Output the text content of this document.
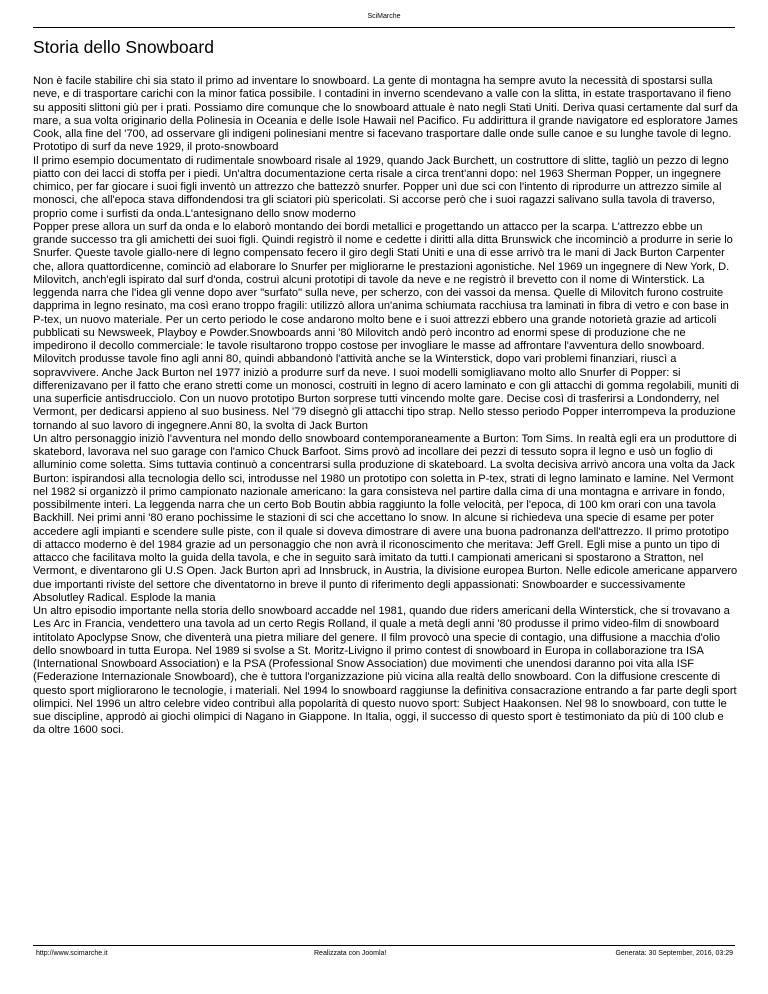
SciMarche
Storia dello Snowboard

Non è facile stabilire chi sia stato il primo ad inventare lo snowboard. La gente di montagna ha sempre avuto la necessità di spostarsi sulla neve, e di trasportare carichi con la minor fatica possibile. I contadini in inverno scendevano a valle con la slitta, in estate trasportavano il fieno su appositi slittoni giù per i prati. Possiamo dire comunque che lo snowboard attuale è nato negli Stati Uniti. Deriva quasi certamente dal surf da mare, a sua volta originario della Polinesia in Oceania e delle Isole Hawaii nel Pacifico. Fu addirittura il grande navigatore ed esploratore James Cook, alla fine del '700, ad osservare gli indigeni polinesiani mentre si facevano trasportare dalle onde sulle canoe e su lunghe tavole di legno. Prototipo di surf da neve 1929, il proto-snowboard

Il primo esempio documentato di rudimentale snowboard risale al 1929, quando Jack Burchett, un costruttore di slitte, tagliò un pezzo di legno piatto con dei lacci di stoffa per i piedi. Un'altra documentazione certa risale a circa trent'anni dopo: nel 1963 Sherman Popper, un ingegnere chimico, per far giocare i suoi figli inventò un attrezzo che battezzò snurfer. Popper unì due sci con l'intento di riprodurre un attrezzo simile al monosci, che all'epoca stava diffondendosi tra gli sciatori più spericolati. Si accorse però che i suoi ragazzi salivano sulla tavola di traverso, proprio come i surfisti da onda.L'antesignano dello snow moderno

Popper prese allora un surf da onda e lo elaborò montando dei bordi metallici e progettando un attacco per la scarpa. L'attrezzo ebbe un grande successo tra gli amichetti dei suoi figli. Quindi registrò il nome e cedette i diritti alla ditta Brunswick che incominciò a produrre in serie lo Snurfer. Queste tavole giallo-nere di legno compensato fecero il giro degli Stati Uniti e una di esse arrivò tra le mani di Jack Burton Carpenter che, allora quattordicenne, cominciò ad elaborare lo Snurfer per migliorarne le prestazioni agonistiche. Nel 1969 un ingegnere di New York, D. Milovitch, anch'egli ispirato dal surf d'onda, costruì alcuni prototipi di tavole da neve e ne registrò il brevetto con il nome di Winterstick. La leggenda narra che l'idea gli venne dopo aver "surfato" sulla neve, per scherzo, con dei vassoi da mensa. Quelle di Milovitch furono costruite dapprima in legno resinato, ma così erano troppo fragili: utilizzò allora un'anima schiumata racchiusa tra laminati in fibra di vetro e con base in P-tex, un nuovo materiale. Per un certo periodo le cose andarono molto bene e i suoi attrezzi ebbero una grande notorietà grazie ad articoli pubblicati su Newsweek, Playboy e Powder.Snowboards anni '80 Milovitch andò però incontro ad enormi spese di produzione che ne impedirono il decollo commerciale: le tavole risultarono troppo costose per invogliare le masse ad affrontare l'avventura dello snowboard. Milovitch produsse tavole fino agli anni 80, quindi abbandonò l'attività anche se la Winterstick, dopo vari problemi finanziari, riuscì a sopravvivere. Anche Jack Burton nel 1977 iniziò a produrre surf da neve. I suoi modelli somigliavano molto allo Snurfer di Popper: si differenizavano per il fatto che erano stretti come un monosci, costruiti in legno di acero laminato e con gli attacchi di gomma regolabili, muniti di una superficie antisdrucciolo. Con un nuovo prototipo Burton sorprese tutti vincendo molte gare. Decise così di trasferirsi a Londonderry, nel Vermont, per dedicarsi appieno al suo business. Nel '79 disegnò gli attacchi tipo strap. Nello stesso periodo Popper interrompeva la produzione tornando al suo lavoro di ingegnere.Anni 80, la svolta di Jack Burton

Un altro personaggio iniziò l'avventura nel mondo dello snowboard contemporaneamente a Burton: Tom Sims. In realtà egli era un produttore di skatebord, lavorava nel suo garage con l'amico Chuck Barfoot. Sims provò ad incollare dei pezzi di tessuto sopra il legno e usò un foglio di alluminio come soletta. Sims tuttavia continuò a concentrarsi sulla produzione di skateboard. La svolta decisiva arrivò ancora una volta da Jack Burton: ispirandosi alla tecnologia dello sci, introdusse nel 1980 un prototipo con soletta in P-tex, strati di legno laminato e lamine. Nel Vermont nel 1982 si organizzò il primo campionato nazionale americano: la gara consisteva nel partire dalla cima di una montagna e arrivare in fondo, possibilmente interi. La leggenda narra che un certo Bob Boutin abbia raggiunto la folle velocità, per l'epoca, di 100 km orari con una tavola Backhill. Nei primi anni '80 erano pochissime le stazioni di sci che accettano lo snow. In alcune si richiedeva una specie di esame per poter accedere agli impianti e scendere sulle piste, con il quale si doveva dimostrare di avere una buona padronanza dell'attrezzo. Il primo prototipo di attacco moderno è del 1984 grazie ad un personaggio che non avrà il riconoscimento che meritava: Jeff Grell. Egli mise a punto un tipo di attacco che facilitava molto la guida della tavola, e che in seguito sarà imitato da tutti.I campionati americani si spostarono a Stratton, nel Vermont, e diventarono gli U.S Open. Jack Burton aprì ad Innsbruck, in Austria, la divisione europea Burton. Nelle edicole americane apparvero due importanti riviste del settore che diventatorno in breve il punto di riferimento degli appassionati: Snowboarder e successivamente Absolutley Radical. Esplode la mania

Un altro episodio importante nella storia dello snowboard accadde nel 1981, quando due riders americani della Winterstick, che si trovavano a Les Arc in Francia, vendettero una tavola ad un certo Regis Rolland, il quale a metà degli anni '80 produsse il primo video-film di snowboard intitolato Apoclypse Snow, che diventerà una pietra miliare del genere. Il film provocò una specie di contagio, una diffusione a macchia d'olio dello snowboard in tutta Europa. Nel 1989 si svolse a St. Moritz-Livigno il primo contest di snowboard in Europa in collaborazione tra ISA (International Snowboard Association) e la PSA (Professional Snow Association) due movimenti che unendosi daranno poi vita alla ISF (Federazione Internazionale Snowboard), che è tuttora l'organizzazione più vicina alla realtà dello snowboard. Con la diffusione crescente di questo sport migliorarono le tecnologie, i materiali. Nel 1994 lo snowboard raggiunse la definitiva consacrazione entrando a far parte degli sport olimpici. Nel 1996 un altro celebre video contribuì alla popolarità di questo nuovo sport: Subject Haakonsen. Nel 98 lo snowboard, con tutte le sue discipline, approdò ai giochi olimpici di Nagano in Giappone. In Italia, oggi, il successo di questo sport è testimoniato da più di 100 club e da oltre 1600 soci.

http://www.scimarche.it	Realizzata con Joomla!	Generata: 30 September, 2016, 03:29
